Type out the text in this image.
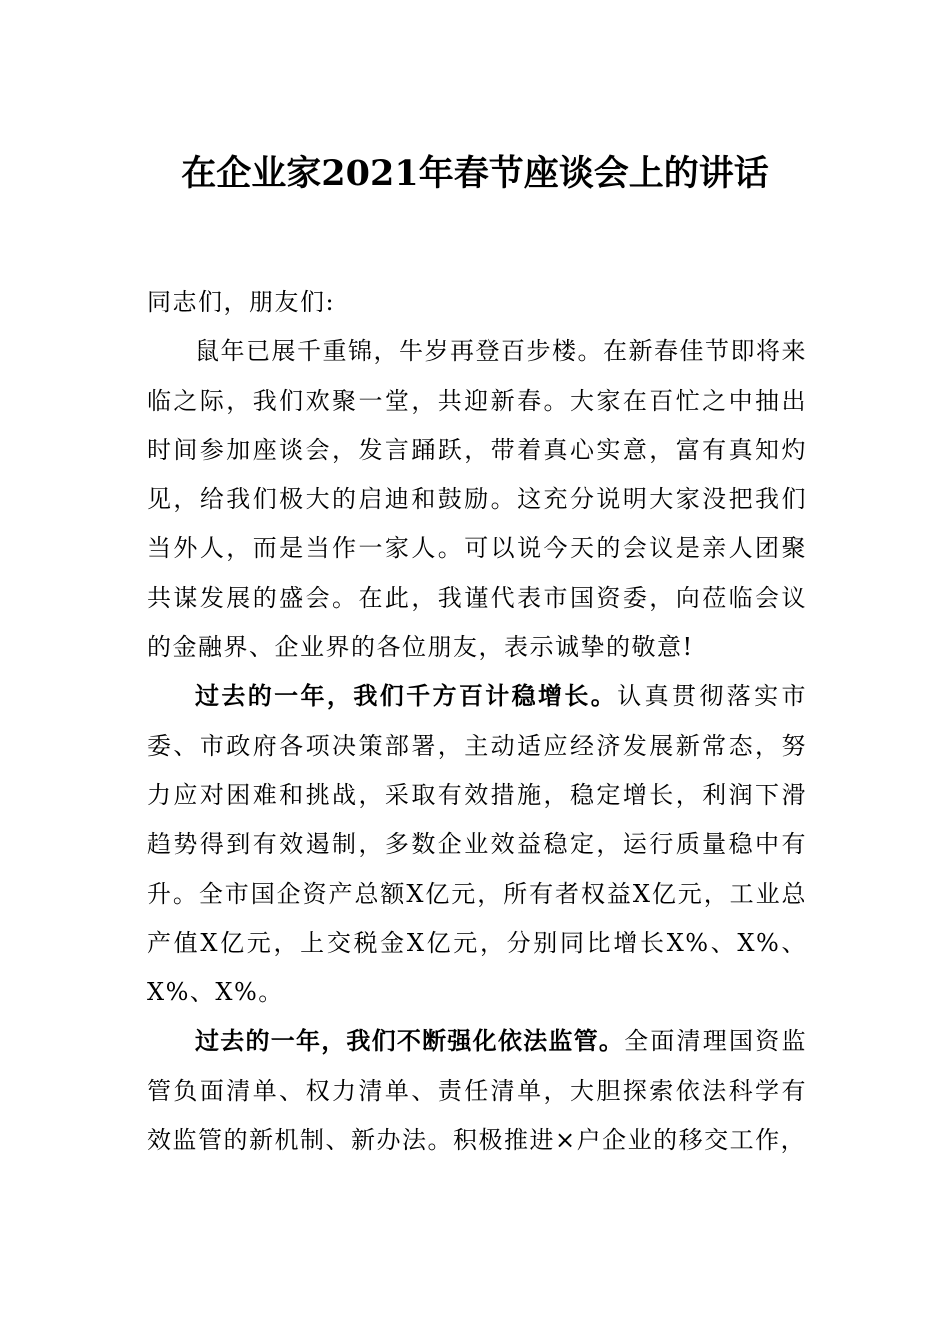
在企业家2021年春节座谈会上的讲话

同志们，朋友们:

鼠年已展千重锦，牛岁再登百步楼。在新春佳节即将来临之际，我们欢聚一堂，共迎新春。大家在百忙之中抽出时间参加座谈会，发言踊跃，带着真心实意，富有真知灼见，给我们极大的启迪和鼓励。这充分说明大家没把我们当外人，而是当作一家人。可以说今天的会议是亲人团聚共谋发展的盛会。在此，我谨代表市国资委，向莅临会议的金融界、企业界的各位朋友，表示诚挚的敬意!

过去的一年，我们千方百计稳增长。认真贯彻落实市委、市政府各项决策部署，主动适应经济发展新常态，努力应对困难和挑战，采取有效措施，稳定增长，利润下滑趋势得到有效遏制，多数企业效益稳定，运行质量稳中有升。全市国企资产总额X亿元，所有者权益X亿元，工业总产值X亿元，上交税金X亿元，分别同比增长X%、X%、X%、X%。

过去的一年，我们不断强化依法监管。全面清理国资监管负面清单、权力清单、责任清单，大胆探索依法科学有效监管的新机制、新办法。积极推进×户企业的移交工作，
